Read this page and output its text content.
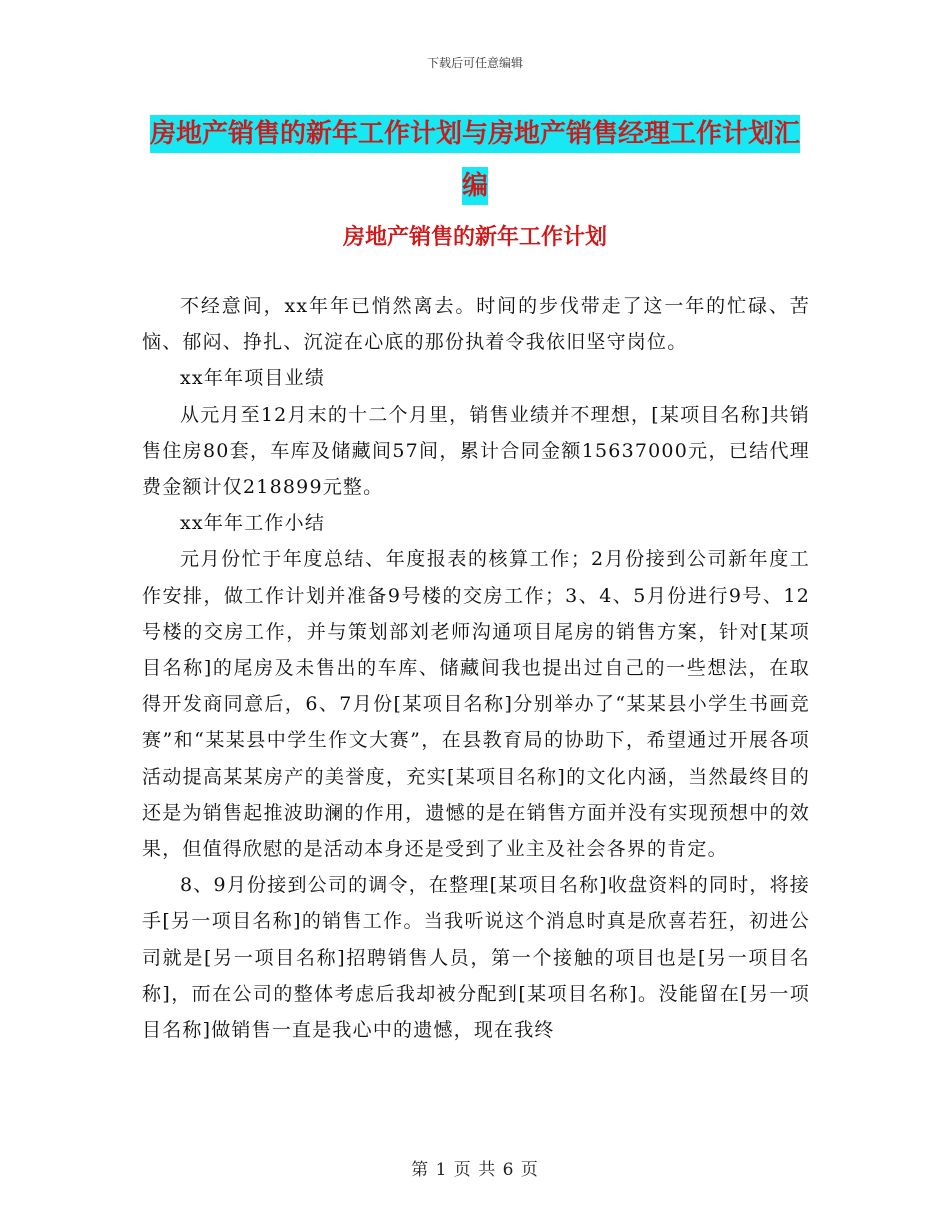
下载后可任意编辑
房地产销售的新年工作计划与房地产销售经理工作计划汇编
房地产销售的新年工作计划

不经意间，xx年年已悄然离去。时间的步伐带走了这一年的忙碌、苦恼、郁闷、挣扎、沉淀在心底的那份执着令我依旧坚守岗位。

xx年年项目业绩

从元月至12月末的十二个月里，销售业绩并不理想，[某项目名称]共销售住房80套，车库及储藏间57间，累计合同金额15637000元，已结代理费金额计仅218899元整。

xx年年工作小结

元月份忙于年度总结、年度报表的核算工作；2月份接到公司新年度工作安排，做工作计划并准备9号楼的交房工作；3、4、5月份进行9号、12号楼的交房工作，并与策划部刘老师沟通项目尾房的销售方案，针对[某项目名称]的尾房及未售出的车库、储藏间我也提出过自己的一些想法，在取得开发商同意后，6、7月份[某项目名称]分别举办了“某某县小学生书画竞赛”和“某某县中学生作文大赛”，在县教育局的协助下，希望通过开展各项活动提高某某房产的美誉度，充实[某项目名称]的文化内涵，当然最终目的还是为销售起推波助澜的作用，遗憾的是在销售方面并没有实现预想中的效果，但值得欣慰的是活动本身还是受到了业主及社会各界的肯定。

8、9月份接到公司的调令，在整理[某项目名称]收盘资料的同时，将接手[另一项目名称]的销售工作。当我听说这个消息时真是欣喜若狂，初进公司就是[另一项目名称]招聘销售人员，第一个接触的项目也是[另一项目名称]，而在公司的整体考虑后我却被分配到[某项目名称]。没能留在[另一项目名称]做销售一直是我心中的遗憾，现在我终

第 1 页 共 6 页
